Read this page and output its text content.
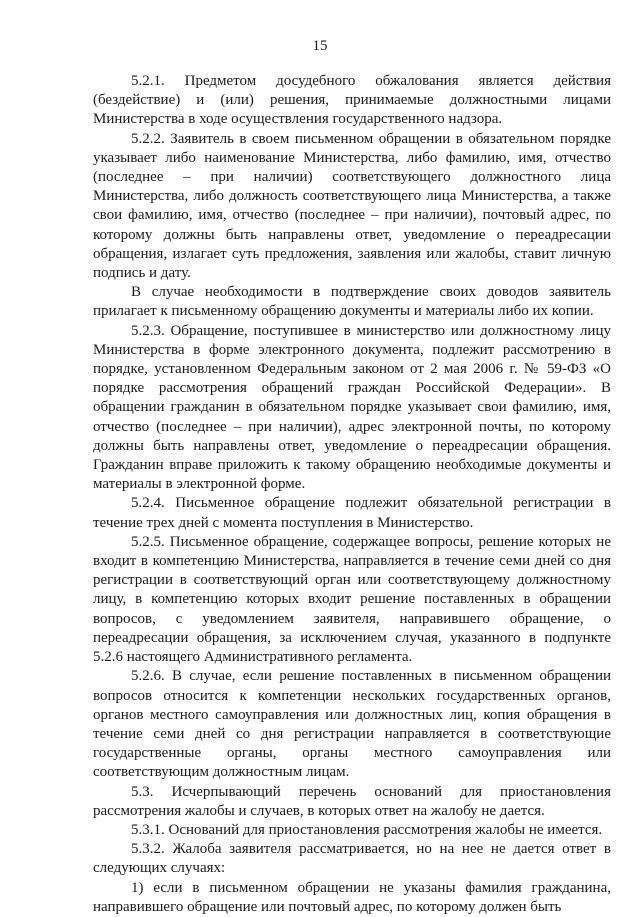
15

5.2.1. Предметом досудебного обжалования является действия (бездействие) и (или) решения, принимаемые должностными лицами Министерства в ходе осуществления государственного надзора.

5.2.2. Заявитель в своем письменном обращении в обязательном порядке указывает либо наименование Министерства, либо фамилию, имя, отчество (последнее – при наличии) соответствующего должностного лица Министерства, либо должность соответствующего лица Министерства, а также свои фамилию, имя, отчество (последнее – при наличии), почтовый адрес, по которому должны быть направлены ответ, уведомление о переадресации обращения, излагает суть предложения, заявления или жалобы, ставит личную подпись и дату.

В случае необходимости в подтверждение своих доводов заявитель прилагает к письменному обращению документы и материалы либо их копии.

5.2.3. Обращение, поступившее в министерство или должностному лицу Министерства в форме электронного документа, подлежит рассмотрению в порядке, установленном Федеральным законом от 2 мая 2006 г. № 59-ФЗ «О порядке рассмотрения обращений граждан Российской Федерации». В обращении гражданин в обязательном порядке указывает свои фамилию, имя, отчество (последнее – при наличии), адрес электронной почты, по которому должны быть направлены ответ, уведомление о переадресации обращения. Гражданин вправе приложить к такому обращению необходимые документы и материалы в электронной форме.

5.2.4. Письменное обращение подлежит обязательной регистрации в течение трех дней с момента поступления в Министерство.

5.2.5. Письменное обращение, содержащее вопросы, решение которых не входит в компетенцию Министерства, направляется в течение семи дней со дня регистрации в соответствующий орган или соответствующему должностному лицу, в компетенцию которых входит решение поставленных в обращении вопросов, с уведомлением заявителя, направившего обращение, о переадресации обращения, за исключением случая, указанного в подпункте 5.2.6 настоящего Административного регламента.

5.2.6. В случае, если решение поставленных в письменном обращении вопросов относится к компетенции нескольких государственных органов, органов местного самоуправления или должностных лиц, копия обращения в течение семи дней со дня регистрации направляется в соответствующие государственные органы, органы местного самоуправления или соответствующим должностным лицам.

5.3. Исчерпывающий перечень оснований для приостановления рассмотрения жалобы и случаев, в которых ответ на жалобу не дается.

5.3.1. Оснований для приостановления рассмотрения жалобы не имеется.

5.3.2. Жалоба заявителя рассматривается, но на нее не дается ответ в следующих случаях:

1) если в письменном обращении не указаны фамилия гражданина, направившего обращение или почтовый адрес, по которому должен быть
